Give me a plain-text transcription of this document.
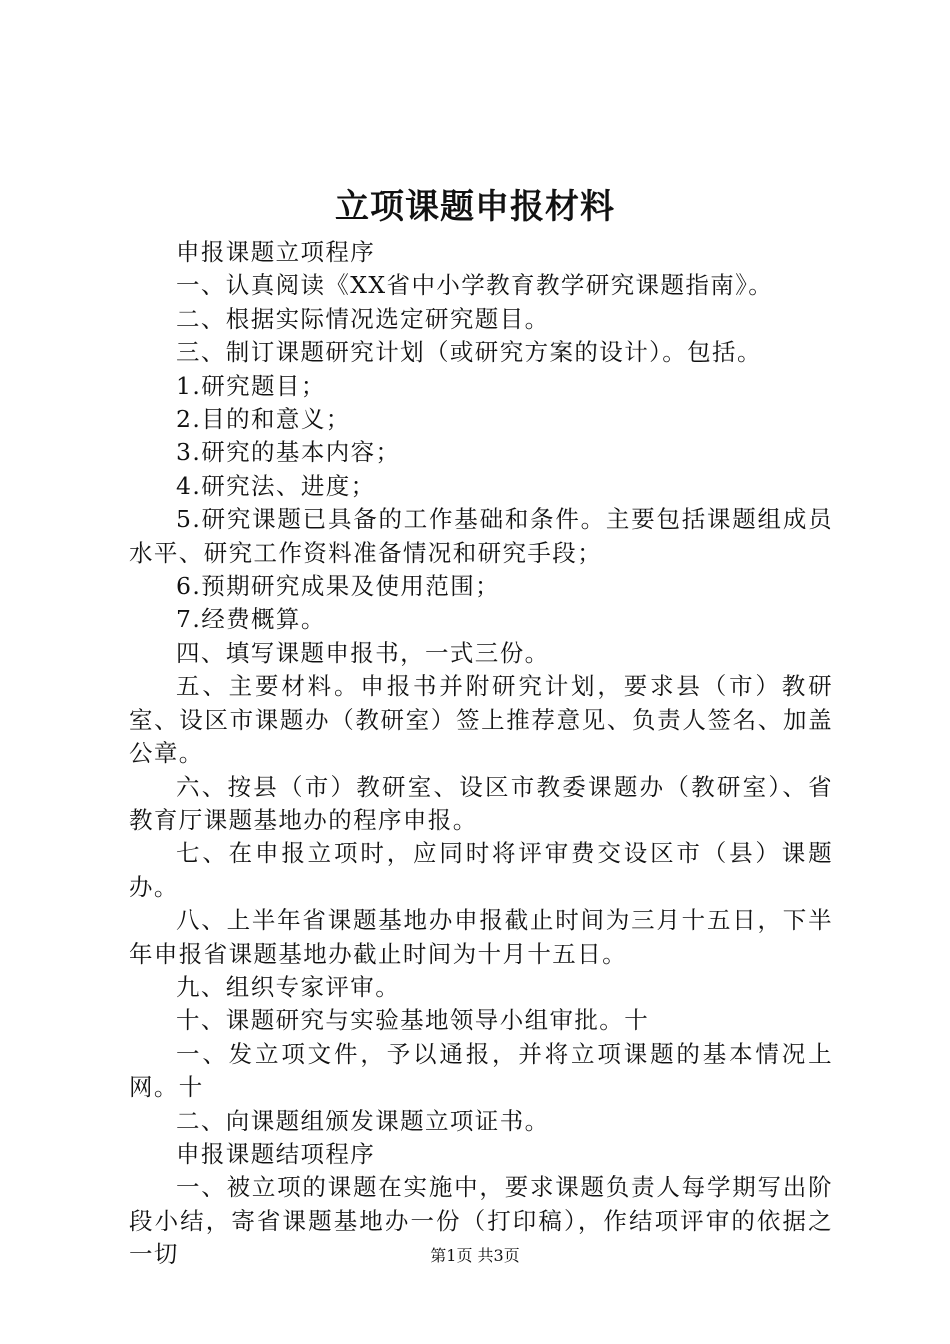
立项课题申报材料

申报课题立项程序

一、认真阅读《XX省中小学教育教学研究课题指南》。

二、根据实际情况选定研究题目。

三、制订课题研究计划（或研究方案的设计）。包括。

1.研究题目；

2.目的和意义；

3.研究的基本内容；

4.研究法、进度；

5.研究课题已具备的工作基础和条件。主要包括课题组成员水平、研究工作资料准备情况和研究手段；

6.预期研究成果及使用范围；

7.经费概算。

四、填写课题申报书，一式三份。

五、主要材料。申报书并附研究计划，要求县（市）教研室、设区市课题办（教研室）签上推荐意见、负责人签名、加盖公章。

六、按县（市）教研室、设区市教委课题办（教研室）、省教育厅课题基地办的程序申报。

七、在申报立项时，应同时将评审费交设区市（县）课题办。

八、上半年省课题基地办申报截止时间为三月十五日，下半年申报省课题基地办截止时间为十月十五日。

九、组织专家评审。

十、课题研究与实验基地领导小组审批。十

一、发立项文件，予以通报，并将立项课题的基本情况上网。十

二、向课题组颁发课题立项证书。

申报课题结项程序

一、被立项的课题在实施中，要求课题负责人每学期写出阶段小结，寄省课题基地办一份（打印稿），作结项评审的依据之一切	第1页 共3页
